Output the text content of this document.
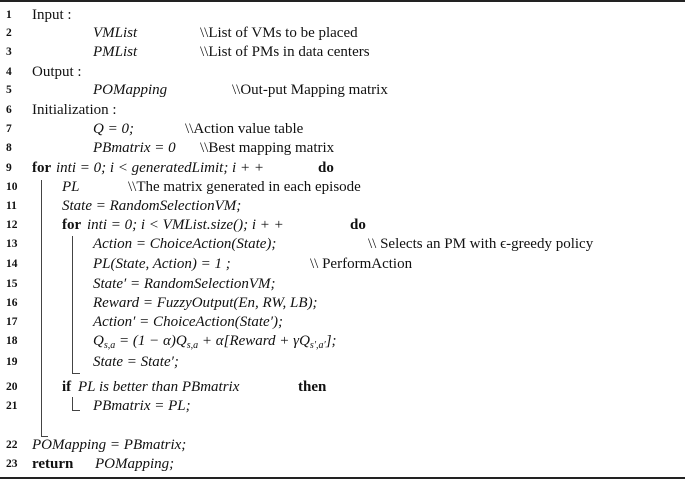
1	Input :
2	VMList	\\List of VMs to be placed
3	PMList	\\List of PMs in data centers
4	Output :
5	POMapping	\\Out-put Mapping matrix
6	Initialization :
7	Q = 0;	\\Action value table
8	PBmatrix = 0 \\Best mapping matrix
9	for inti = 0; i < generatedLimit; i + +	do
10	PL	\\The matrix generated in each episode
11	State = RandomSelectionVM;
12	for inti = 0; i < VMList.size(); i + +	do
13	Action = ChoiceAction(State);	\\ Selects an PM with ϵ-greedy policy
14	PL(State, Action) = 1 ;	\\ PerformAction
15	State′ = RandomSelectionVM;
16	Reward = FuzzyOutput(En, RW, LB);
17	Action′ = ChoiceAction(State′);
18	$Q_{s,a} = (1 - \alpha)Q_{s,a}$ + α[Reward + $\gamma Q_{s',a'}$];
19	State = State′;
20	if PL is better than PBmatrix	then
21	PBmatrix = PL;
22 POMapping = PBmatrix;
23 return POMapping;
